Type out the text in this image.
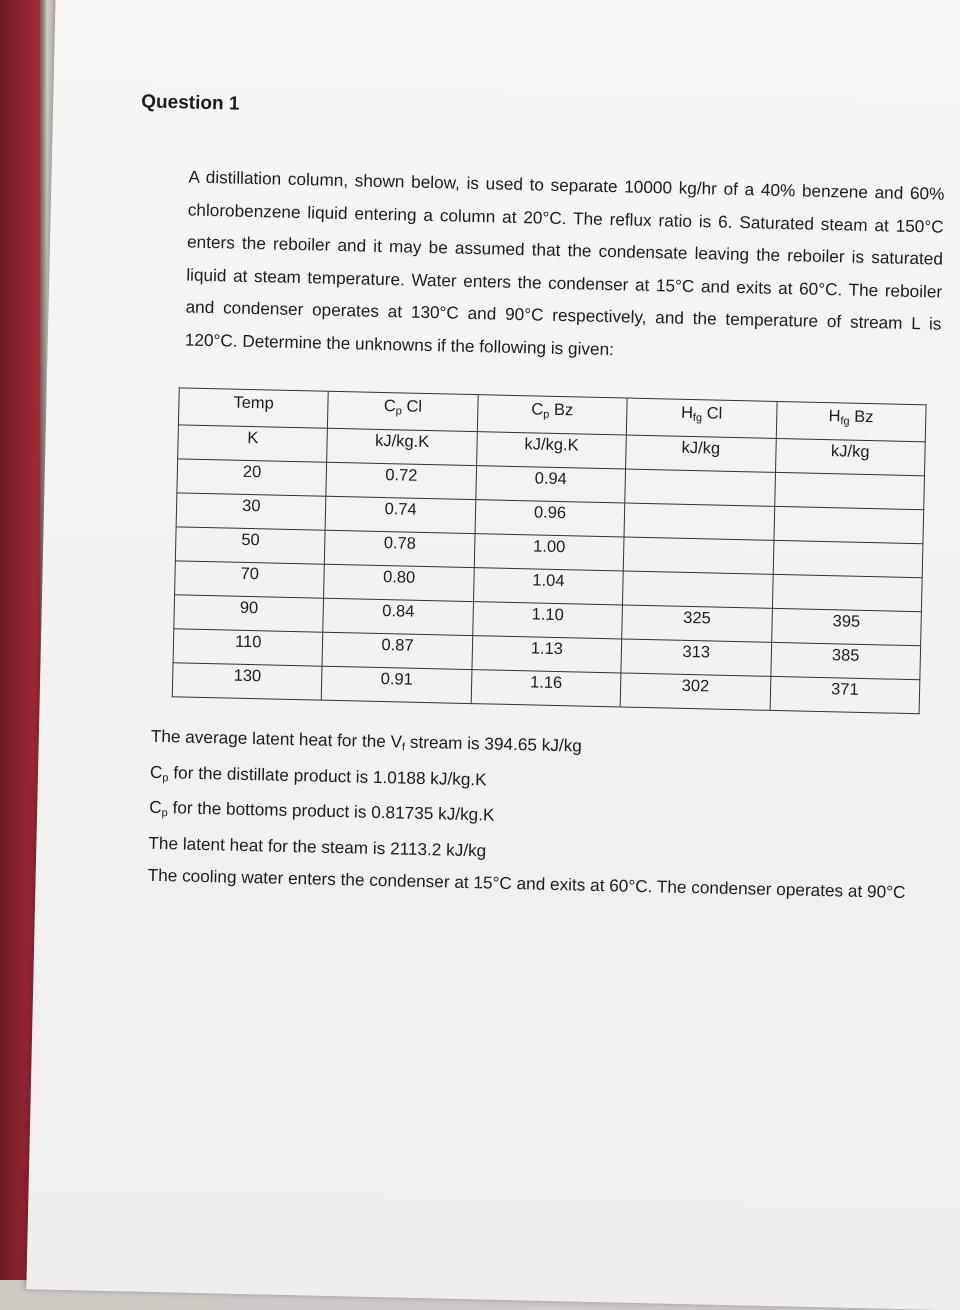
Question 1
A distillation column, shown below, is used to separate 10000 kg/hr of a 40% benzene and 60% chlorobenzene liquid entering a column at 20°C. The reflux ratio is 6. Saturated steam at 150°C enters the reboiler and it may be assumed that the condensate leaving the reboiler is saturated liquid at steam temperature. Water enters the condenser at 15°C and exits at 60°C. The reboiler and condenser operates at 130°C and 90°C respectively, and the temperature of stream L is 120°C. Determine the unknowns if the following is given:
Temp	Cp Cl	Cp Bz	Hfg Cl	Hfg Bz
K	kJ/kg.K	kJ/kg.K	kJ/kg	kJ/kg
20	0.72	0.94		
30	0.74	0.96		
50	0.78	1.00		
70	0.80	1.04		
90	0.84	1.10	325	395
110	0.87	1.13	313	385
130	0.91	1.16	302	371
The average latent heat for the Vf stream is 394.65 kJ/kg
Cp for the distillate product is 1.0188 kJ/kg.K
Cp for the bottoms product is 0.81735 kJ/kg.K
The latent heat for the steam is 2113.2 kJ/kg
The cooling water enters the condenser at 15°C and exits at 60°C. The condenser operates at 90°C
